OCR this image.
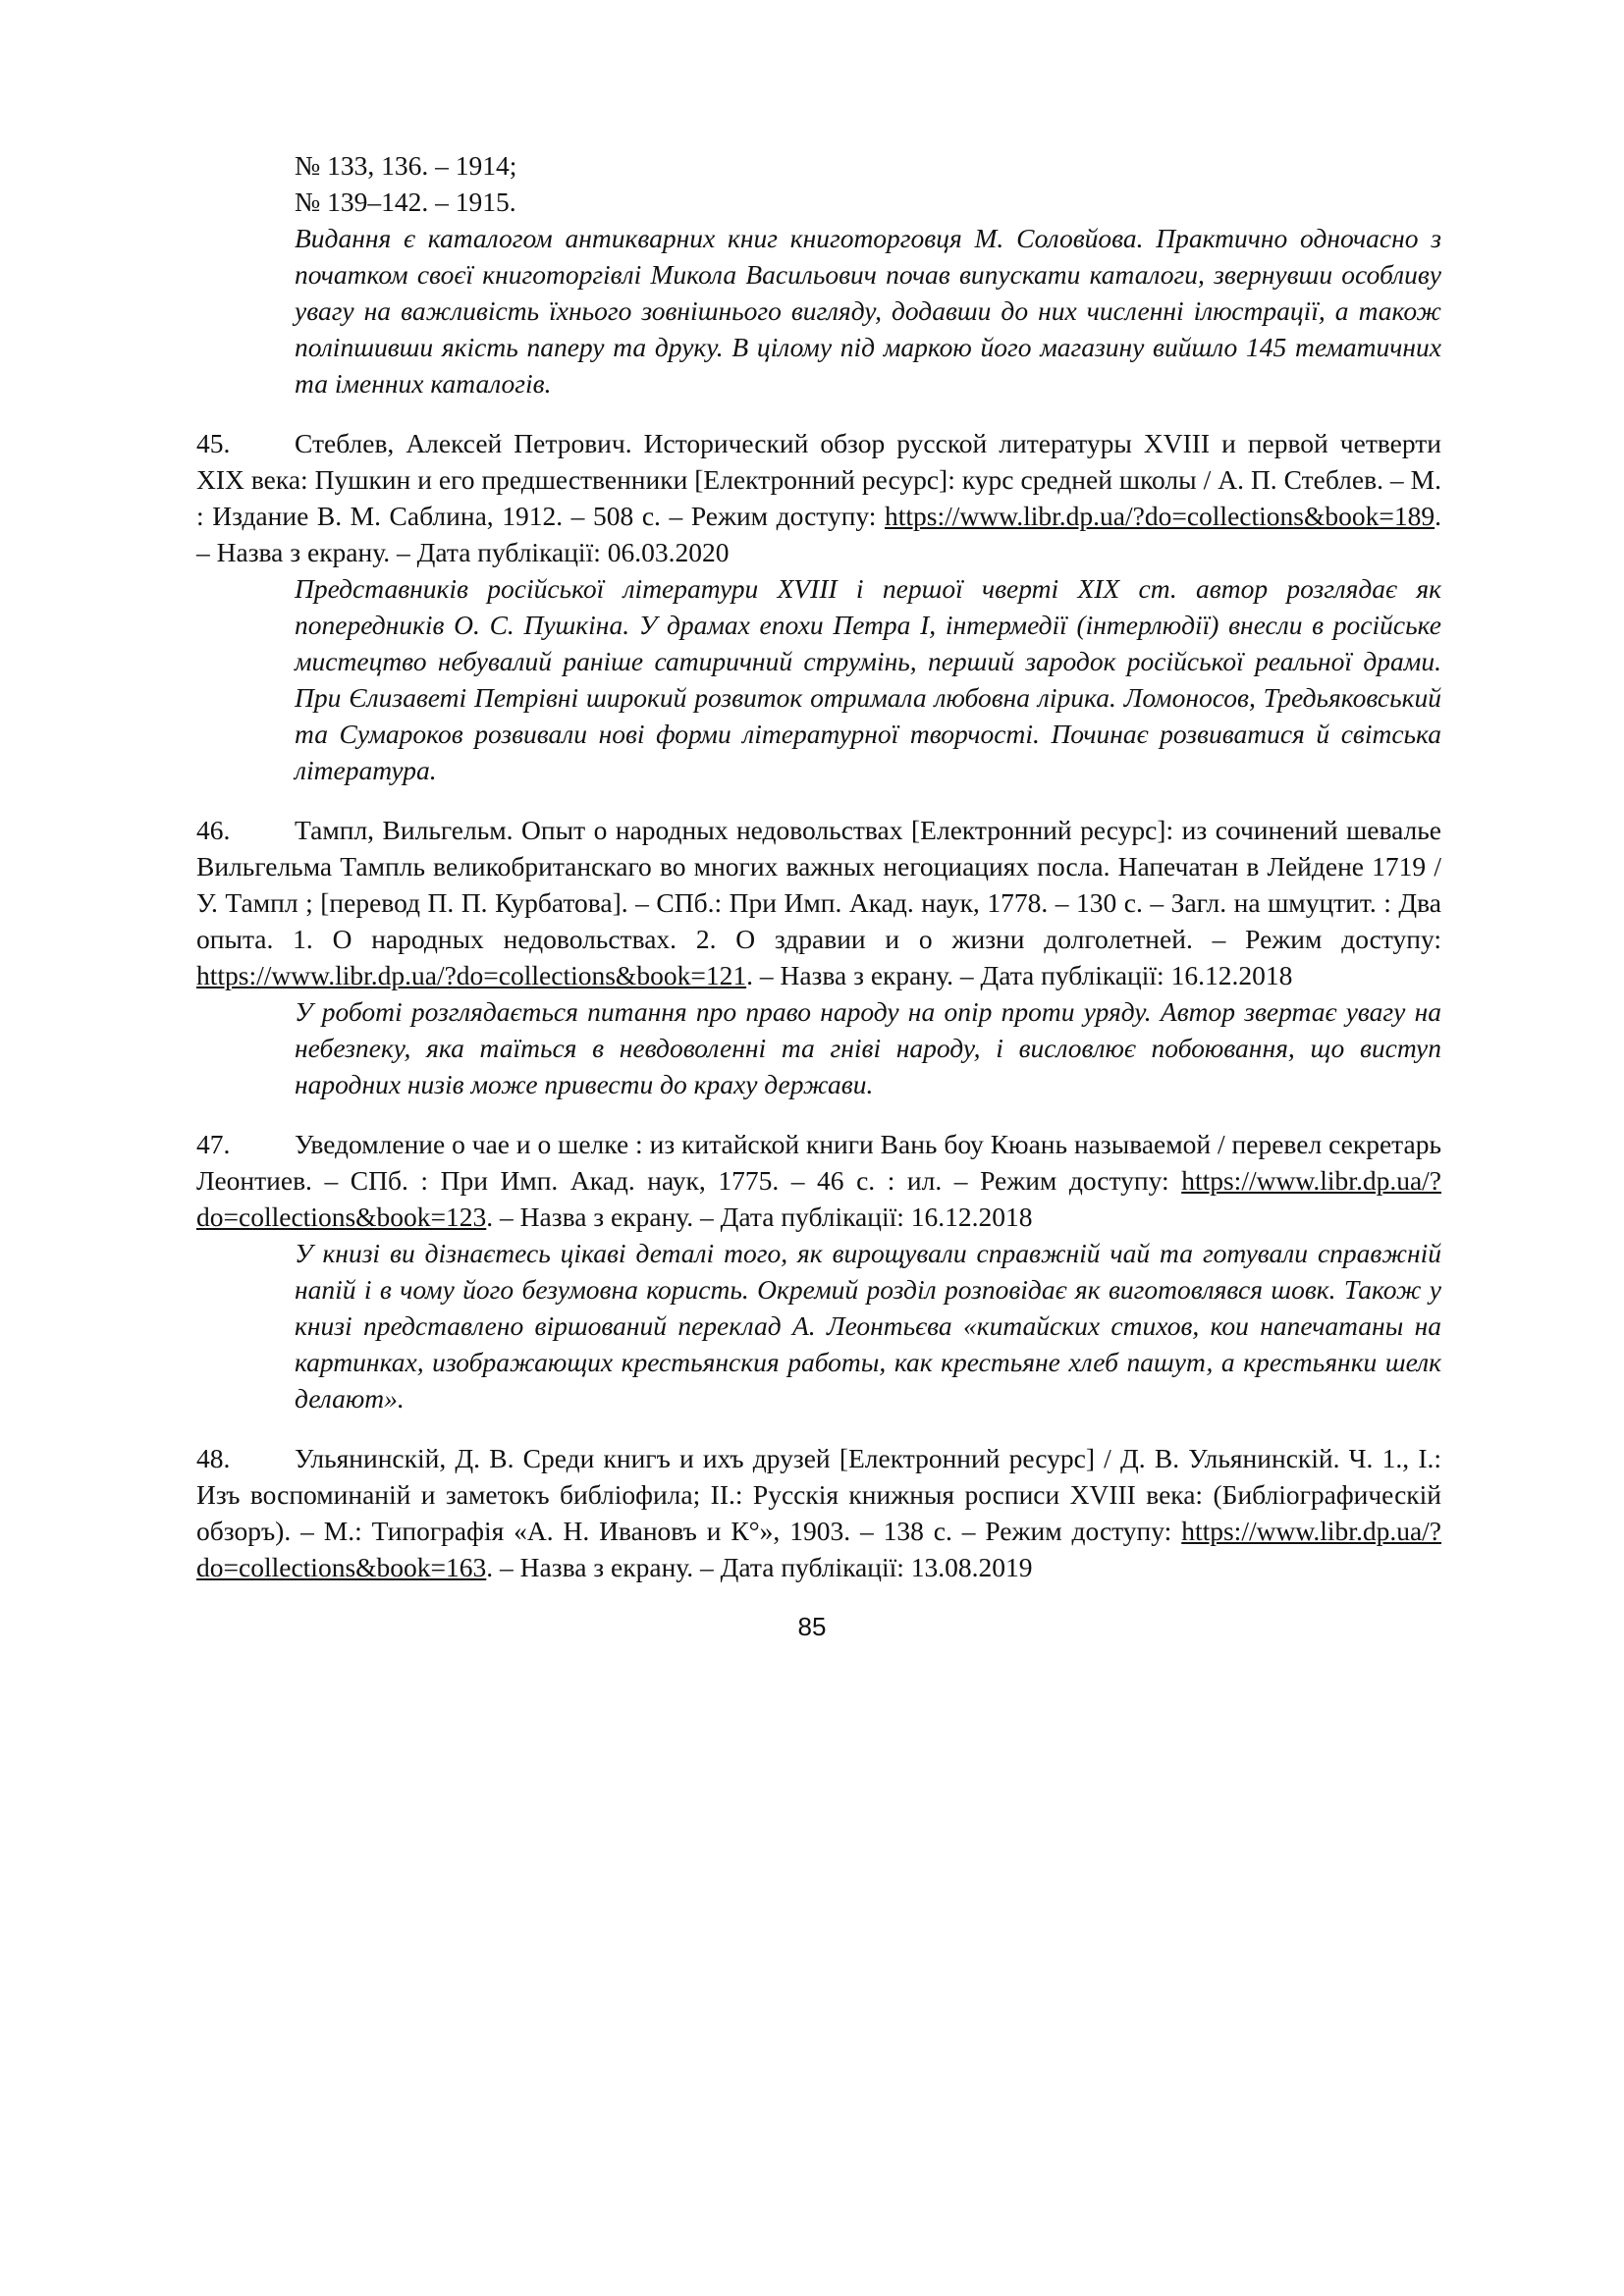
№ 133, 136. – 1914;

№ 139–142. – 1915.

Видання є каталогом антикварних книг книготорговця М. Соловйова. Практично одночасно з початком своєї книготоргівлі Микола Васильович почав випускати каталоги, звернувши особливу увагу на важливість їхнього зовнішнього вигляду, додавши до них численні ілюстрації, а також поліпшивши якість паперу та друку. В цілому під маркою його магазину вийшло 145 тематичних та іменних каталогів.

45. Стеблев, Алексей Петрович. Исторический обзор русской литературы XVIII и первой четверти XIX века: Пушкин и его предшественники [Електронний ресурс]: курс средней школы / А. П. Стеблев. – М. : Издание В. М. Саблина, 1912. – 508 с. – Режим доступу: https://www.libr.dp.ua/?do=collections&book=189. – Назва з екрану. – Дата публікації: 06.03.2020

Представників російської літератури XVIII і першої чверті XIX ст. автор розглядає як попередників О. С. Пушкіна. У драмах епохи Петра I, інтермедії (інтерлюдії) внесли в російське мистецтво небувалий раніше сатиричний струмінь, перший зародок російської реальної драми. При Єлизаветі Петрівні широкий розвиток отримала любовна лірика. Ломоносов, Тредьяковський та Сумароков розвивали нові форми літературної творчості. Починає розвиватися й світська література.

46. Тампл, Вильгельм. Опыт о народных недовольствах [Електронний ресурс]: из сочинений шевалье Вильгельма Тампль великобританскаго во многих важных негоциациях посла. Напечатан в Лейдене 1719 / У. Тампл ; [перевод П. П. Курбатова]. – СПб.: При Имп. Акад. наук, 1778. – 130 с. – Загл. на шмуцтит. : Два опыта. 1. О народных недовольствах. 2. О здравии и о жизни долголетней. – Режим доступу: https://www.libr.dp.ua/?do=collections&book=121. – Назва з екрану. – Дата публікації: 16.12.2018

У роботі розглядається питання про право народу на опір проти уряду. Автор звертає увагу на небезпеку, яка таїться в невдоволенні та гніві народу, і висловлює побоювання, що виступ народних низів може привести до краху держави.

47. Уведомление о чае и о шелке : из китайской книги Вань боу Кюань называемой / перевел секретарь Леонтиев. – СПб. : При Имп. Акад. наук, 1775. – 46 с. : ил. – Режим доступу: https://www.libr.dp.ua/?do=collections&book=123. – Назва з екрану. – Дата публікації: 16.12.2018

У книзі ви дізнаєтесь цікаві деталі того, як вирощували справжній чай та готували справжній напій і в чому його безумовна користь. Окремий розділ розповідає як виготовлявся шовк. Також у книзі представлено віршований переклад А. Леонтьєва «китайских стихов, кои напечатаны на картинках, изображающих крестьянския работы, как крестьяне хлеб пашут, а крестьянки шелк делают».

48. Ульянинскій, Д. В. Среди книгъ и ихъ друзей [Електронний ресурс] / Д. В. Ульянинскій. Ч. 1., I.: Изъ воспоминаній и заметокъ библіофила; II.: Русскія книжныя росписи XVIII века: (Библіографическій обзоръ). – М.: Типографія «А. Н. Ивановъ и К°», 1903. – 138 с. – Режим доступу: https://www.libr.dp.ua/?do=collections&book=163. – Назва з екрану. – Дата публікації: 13.08.2019

85
